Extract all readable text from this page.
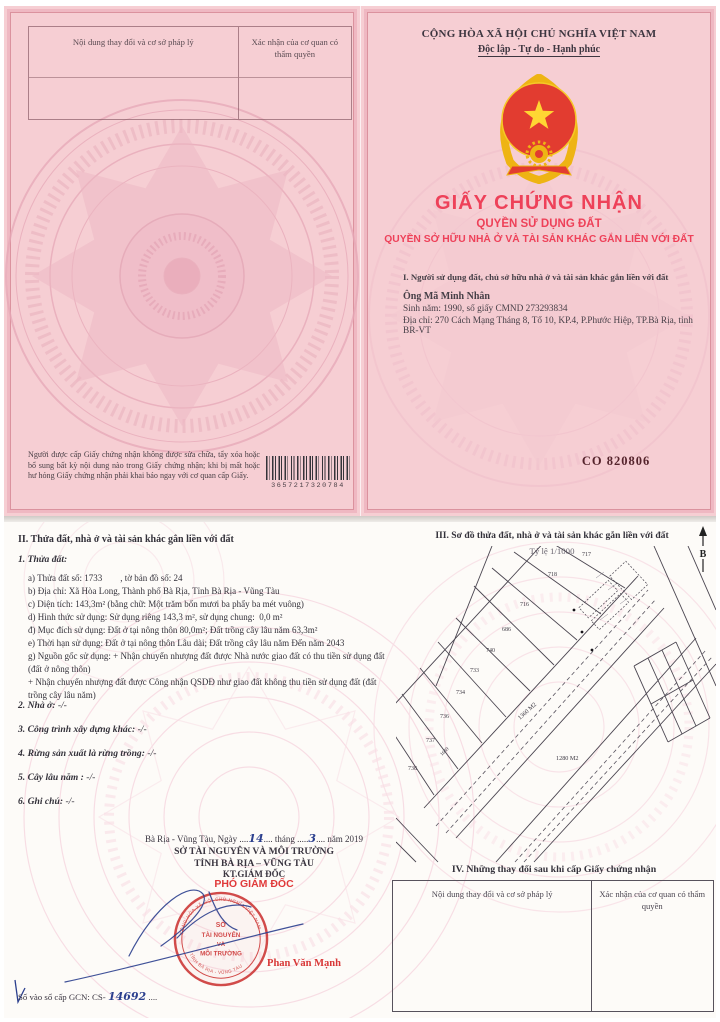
Nội dung thay đổi và cơ sở pháp lý	Xác nhận của cơ quan có thẩm quyền
Người được cấp Giấy chứng nhận không được sửa chữa, tẩy xóa hoặc bổ sung bất kỳ nội dung nào trong Giấy chứng nhận; khi bị mất hoặc hư hỏng Giấy chứng nhận phải khai báo ngay với cơ quan cấp Giấy.
3657217320784
CỘNG HÒA XÃ HỘI CHỦ NGHĨA VIỆT NAM
Độc lập - Tự do - Hạnh phúc
GIẤY CHỨNG NHẬN
QUYỀN SỬ DỤNG ĐẤT
QUYỀN SỞ HỮU NHÀ Ở VÀ TÀI SẢN KHÁC GẮN LIỀN VỚI ĐẤT
I. Người sử dụng đất, chủ sở hữu nhà ở và tài sản khác gắn liền với đất
Ông Mã Minh Nhân
Sinh năm: 1990, số giấy CMND 273293834
Địa chỉ: 270 Cách Mạng Tháng 8, Tổ 10, KP.4, P.Phước Hiệp, TP.Bà Rịa, tỉnh BR-VT
CO 820806
II. Thửa đất, nhà ở và tài sản khác gắn liền với đất
1. Thửa đất:
a) Thửa đất số: 1733        , tờ bản đồ số: 24
b) Địa chỉ: Xã Hòa Long, Thành phố Bà Rịa, Tỉnh Bà Rịa - Vũng Tàu
c) Diện tích: 143,3m² (bằng chữ: Một trăm bốn mươi ba phẩy ba mét vuông)
d) Hình thức sử dụng: Sử dụng riêng 143,3 m², sử dụng chung:  0,0 m²
đ) Mục đích sử dụng: Đất ở tại nông thôn 80,0m²; Đất trồng cây lâu năm 63,3m²
e) Thời hạn sử dụng: Đất ở tại nông thôn Lâu dài; Đất trồng cây lâu năm Đến năm 2043
g) Nguồn gốc sử dụng: + Nhận chuyển nhượng đất được Nhà nước giao đất có thu tiền sử dụng đất (đất ở nông thôn)
+ Nhận chuyển nhượng đất được Công nhận QSDĐ như giao đất không thu tiền sử dụng đất (đất trồng cây lâu năm)
2. Nhà ở: -/-
3. Công trình xây dựng khác: -/-
4. Rừng sản xuất là rừng trồng: -/-
5. Cây lâu năm : -/-
6. Ghi chú: -/-
Bà Rịa - Vũng Tàu, Ngày ....14.... tháng .....3.... năm 2019
SỞ TÀI NGUYÊN VÀ MÔI TRƯỜNG
TỈNH BÀ RỊA – VŨNG TÀU
KT.GIÁM ĐỐC
PHÓ GIÁM ĐỐC
CỘNG HÒA XÃ HỘI CHỦ NGHĨA VIỆT NAM
TỈNH BÀ RỊA - VŨNG TÀU
SỞ
TÀI NGUYÊN
VÀ
MÔI TRƯỜNG
Phan Văn Mạnh
Số vào sổ cấp GCN: CS- 14692 ....
III. Sơ đồ thửa đất, nhà ở và tài sản khác gắn liền với đất
Tỷ lệ 1/1000	B
717
718
716
686
740
733
734
736
737
738
1649
1360 M2
1280 M2
IV. Những thay đổi sau khi cấp Giấy chứng nhận
Nội dung thay đổi và cơ sở pháp lý	Xác nhận của cơ quan có thẩm quyền
